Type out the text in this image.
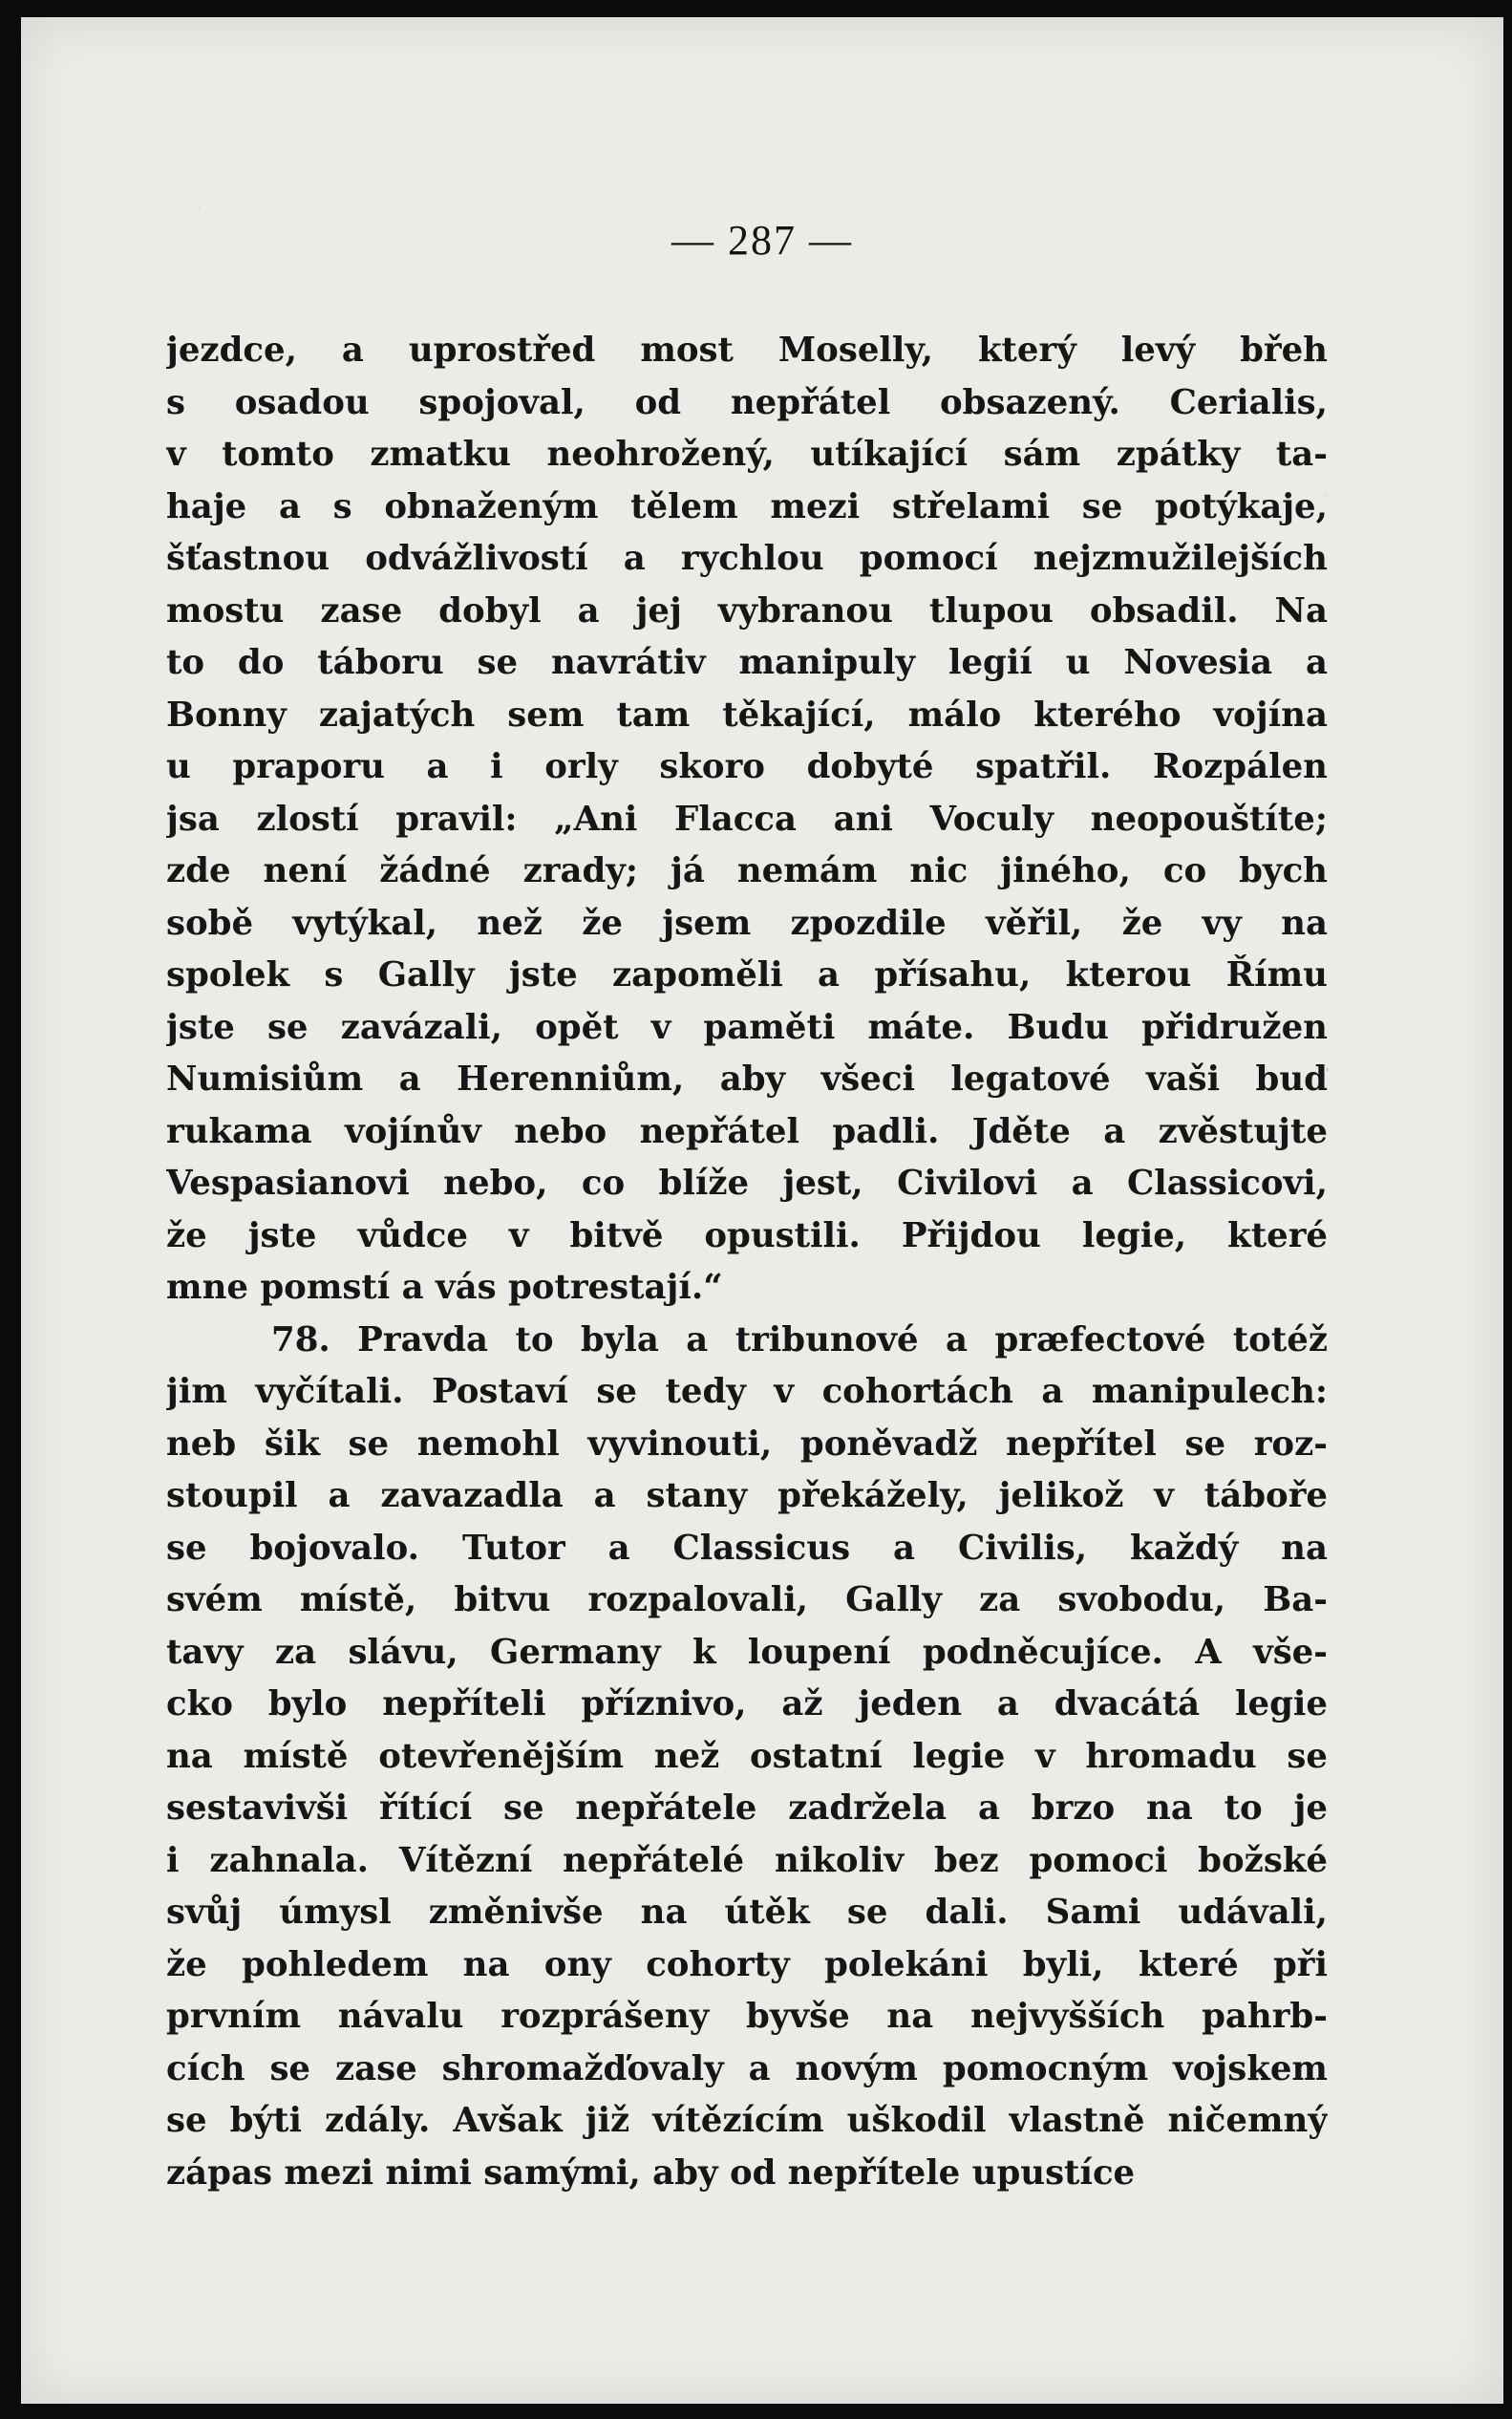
— 287 —
jezdce, a uprostřed most Moselly, který levý břeh
s osadou spojoval, od nepřátel obsazený. Cerialis,
v tomto zmatku neohrožený, utíkající sám zpátky ta-
haje a s obnaženým tělem mezi střelami se potýkaje,
šťastnou odvážlivostí a rychlou pomocí nejzmužilejších
mostu zase dobyl a jej vybranou tlupou obsadil. Na
to do táboru se navrátiv manipuly legií u Novesia a
Bonny zajatých sem tam těkající, málo kterého vojína
u praporu a i orly skoro dobyté spatřil. Rozpálen
jsa zlostí pravil: „Ani Flacca ani Voculy neopouštíte;
zde není žádné zrady; já nemám nic jiného, co bych
sobě vytýkal, než že jsem zpozdile věřil, že vy na
spolek s Gally jste zapoměli a přísahu, kterou Římu
jste se zavázali, opět v paměti máte. Budu přidružen
Numisiům a Herenniům, aby všeci legatové vaši buď
rukama vojínův nebo nepřátel padli. Jděte a zvěstujte
Vespasianovi nebo, co blíže jest, Civilovi a Classicovi,
že jste vůdce v bitvě opustili. Přijdou legie, které
mne pomstí a vás potrestají.“
78. Pravda to byla a tribunové a præfectové totéž
jim vyčítali. Postaví se tedy v cohortách a manipulech:
neb šik se nemohl vyvinouti, poněvadž nepřítel se roz-
stoupil a zavazadla a stany překážely, jelikož v táboře
se bojovalo. Tutor a Classicus a Civilis, každý na
svém místě, bitvu rozpalovali, Gally za svobodu, Ba-
tavy za slávu, Germany k loupení podněcujíce. A vše-
cko bylo nepříteli příznivo, až jeden a dvacátá legie
na místě otevřenějším než ostatní legie v hromadu se
sestavivši řítící se nepřátele zadržela a brzo na to je
i zahnala. Vítězní nepřátelé nikoliv bez pomoci božské
svůj úmysl změnivše na útěk se dali. Sami udávali,
že pohledem na ony cohorty polekáni byli, které při
prvním návalu rozprášeny byvše na nejvyšších pahrb-
cích se zase shromažďovaly a novým pomocným vojskem
se býti zdály. Avšak již vítězícím uškodil vlastně ničemný
zápas mezi nimi samými, aby od nepřítele upustíce
